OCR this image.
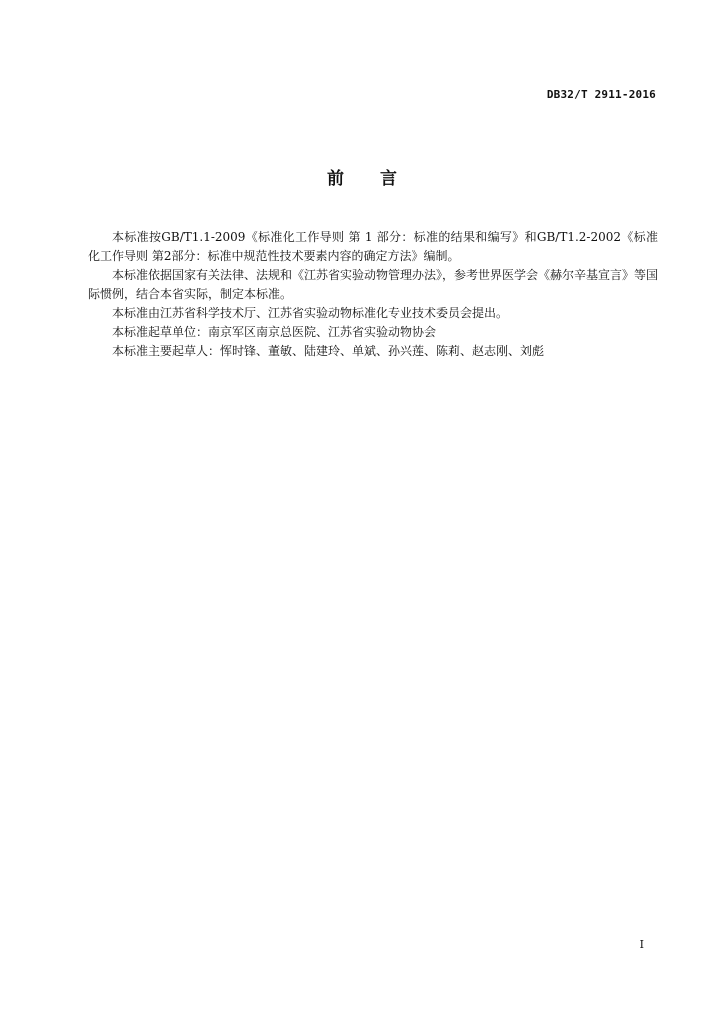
DB32/T 2911-2016
前言

本标准按GB/T1.1-2009《标准化工作导则 第 1 部分：标准的结果和编写》和GB/T1.2-2002《标准化工作导则 第2部分：标准中规范性技术要素内容的确定方法》编制。

本标准依据国家有关法律、法规和《江苏省实验动物管理办法》，参考世界医学会《赫尔辛基宣言》等国际惯例，结合本省实际，制定本标准。

本标准由江苏省科学技术厅、江苏省实验动物标准化专业技术委员会提出。

本标准起草单位：南京军区南京总医院、江苏省实验动物协会

本标准主要起草人：恽时锋、董敏、陆建玲、单斌、孙兴莲、陈莉、赵志刚、刘彪

I
